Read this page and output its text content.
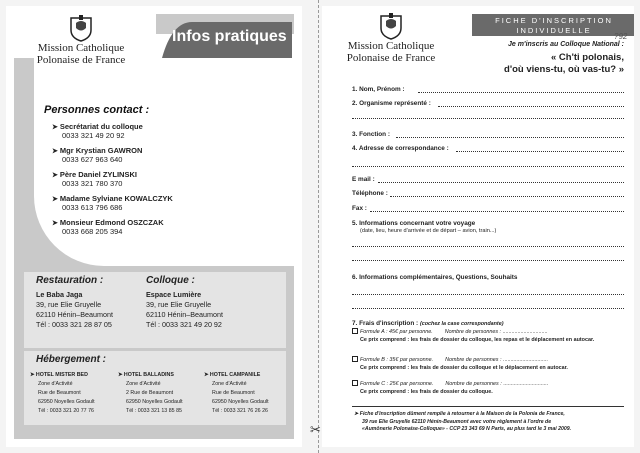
Mission Catholique
Polonaise de France
Infos pratiques
Personnes contact :
➤ Secrétariat du colloque
0033 321 49 20 92
➤ Mgr Krystian GAWRON
0033 627 963 640
➤ Père Daniel ZYLINSKI
0033 321 780 370
➤ Madame Sylviane KOWALCZYK
0033 613 796 686
➤ Monsieur Edmond OSZCZAK
0033 668 205 394
Restauration :
Le Baba Jaga
39, rue Elie Gruyelle
62110 Hénin–Beaumont
Tél : 0033 321 28 87 05
Colloque :
Espace Lumière
39, rue Elie Gruyelle
62110 Hénin–Beaumont
Tél : 0033 321 49 20 92
Hébergement :
➤ HOTEL MISTER BED
Zone d'Activité
Rue de Beaumont
62950 Noyelles Godault
Tél : 0033 321 20 77 76
➤ HOTEL BALLADINS
Zone d'Activité
2 Rue de Beaumont
62950 Noyelles Godault
Tél : 0033 321 13 85 85
➤ HOTEL CAMPANILE
Zone d'Activité
Rue de Beaumont
62950 Noyelles Godault
Tél : 0033 321 76 26 26
✂
Mission Catholique
Polonaise de France
FICHE D'INSCRIPTION
INDIVIDUELLE
?92
Je m'inscris au Colloque National :
« Ch'ti polonais,
d'où viens-tu, où vas-tu? »
1. Nom, Prénom :
2. Organisme représenté :
3. Fonction :
4. Adresse de correspondance :
E mail :
Téléphone :
Fax :
5. Informations concernant votre voyage
(date, lieu, heure d'arrivée et de départ – avion, train...)
6. Informations complémentaires, Questions, Souhaits
7. Frais d'inscription : (cochez la case correspondante)
Formule A : 45€ par personne. Nombre de personnes : ..............................
Ce prix comprend : les frais de dossier du colloque, les repas et le déplacement en autocar.
Formule B : 35€ par personne. Nombre de personnes : ..............................
Ce prix comprend : les frais de dossier du colloque et le déplacement en autocar.
Formule C : 25€ par personne. Nombre de personnes : ..............................
Ce prix comprend : les frais de dossier du colloque.
➤ Fiche d'inscription dûment remplie à retourner à la Maison de la Polonia de France,
39 rue Elie Gruyelle 62110 Hénin-Beaumont avec votre règlement à l'ordre de
«Aumônerie Polonaise-Colloque» - CCP 23 343 69 N Paris, au plus tard le 3 mai 2009.
